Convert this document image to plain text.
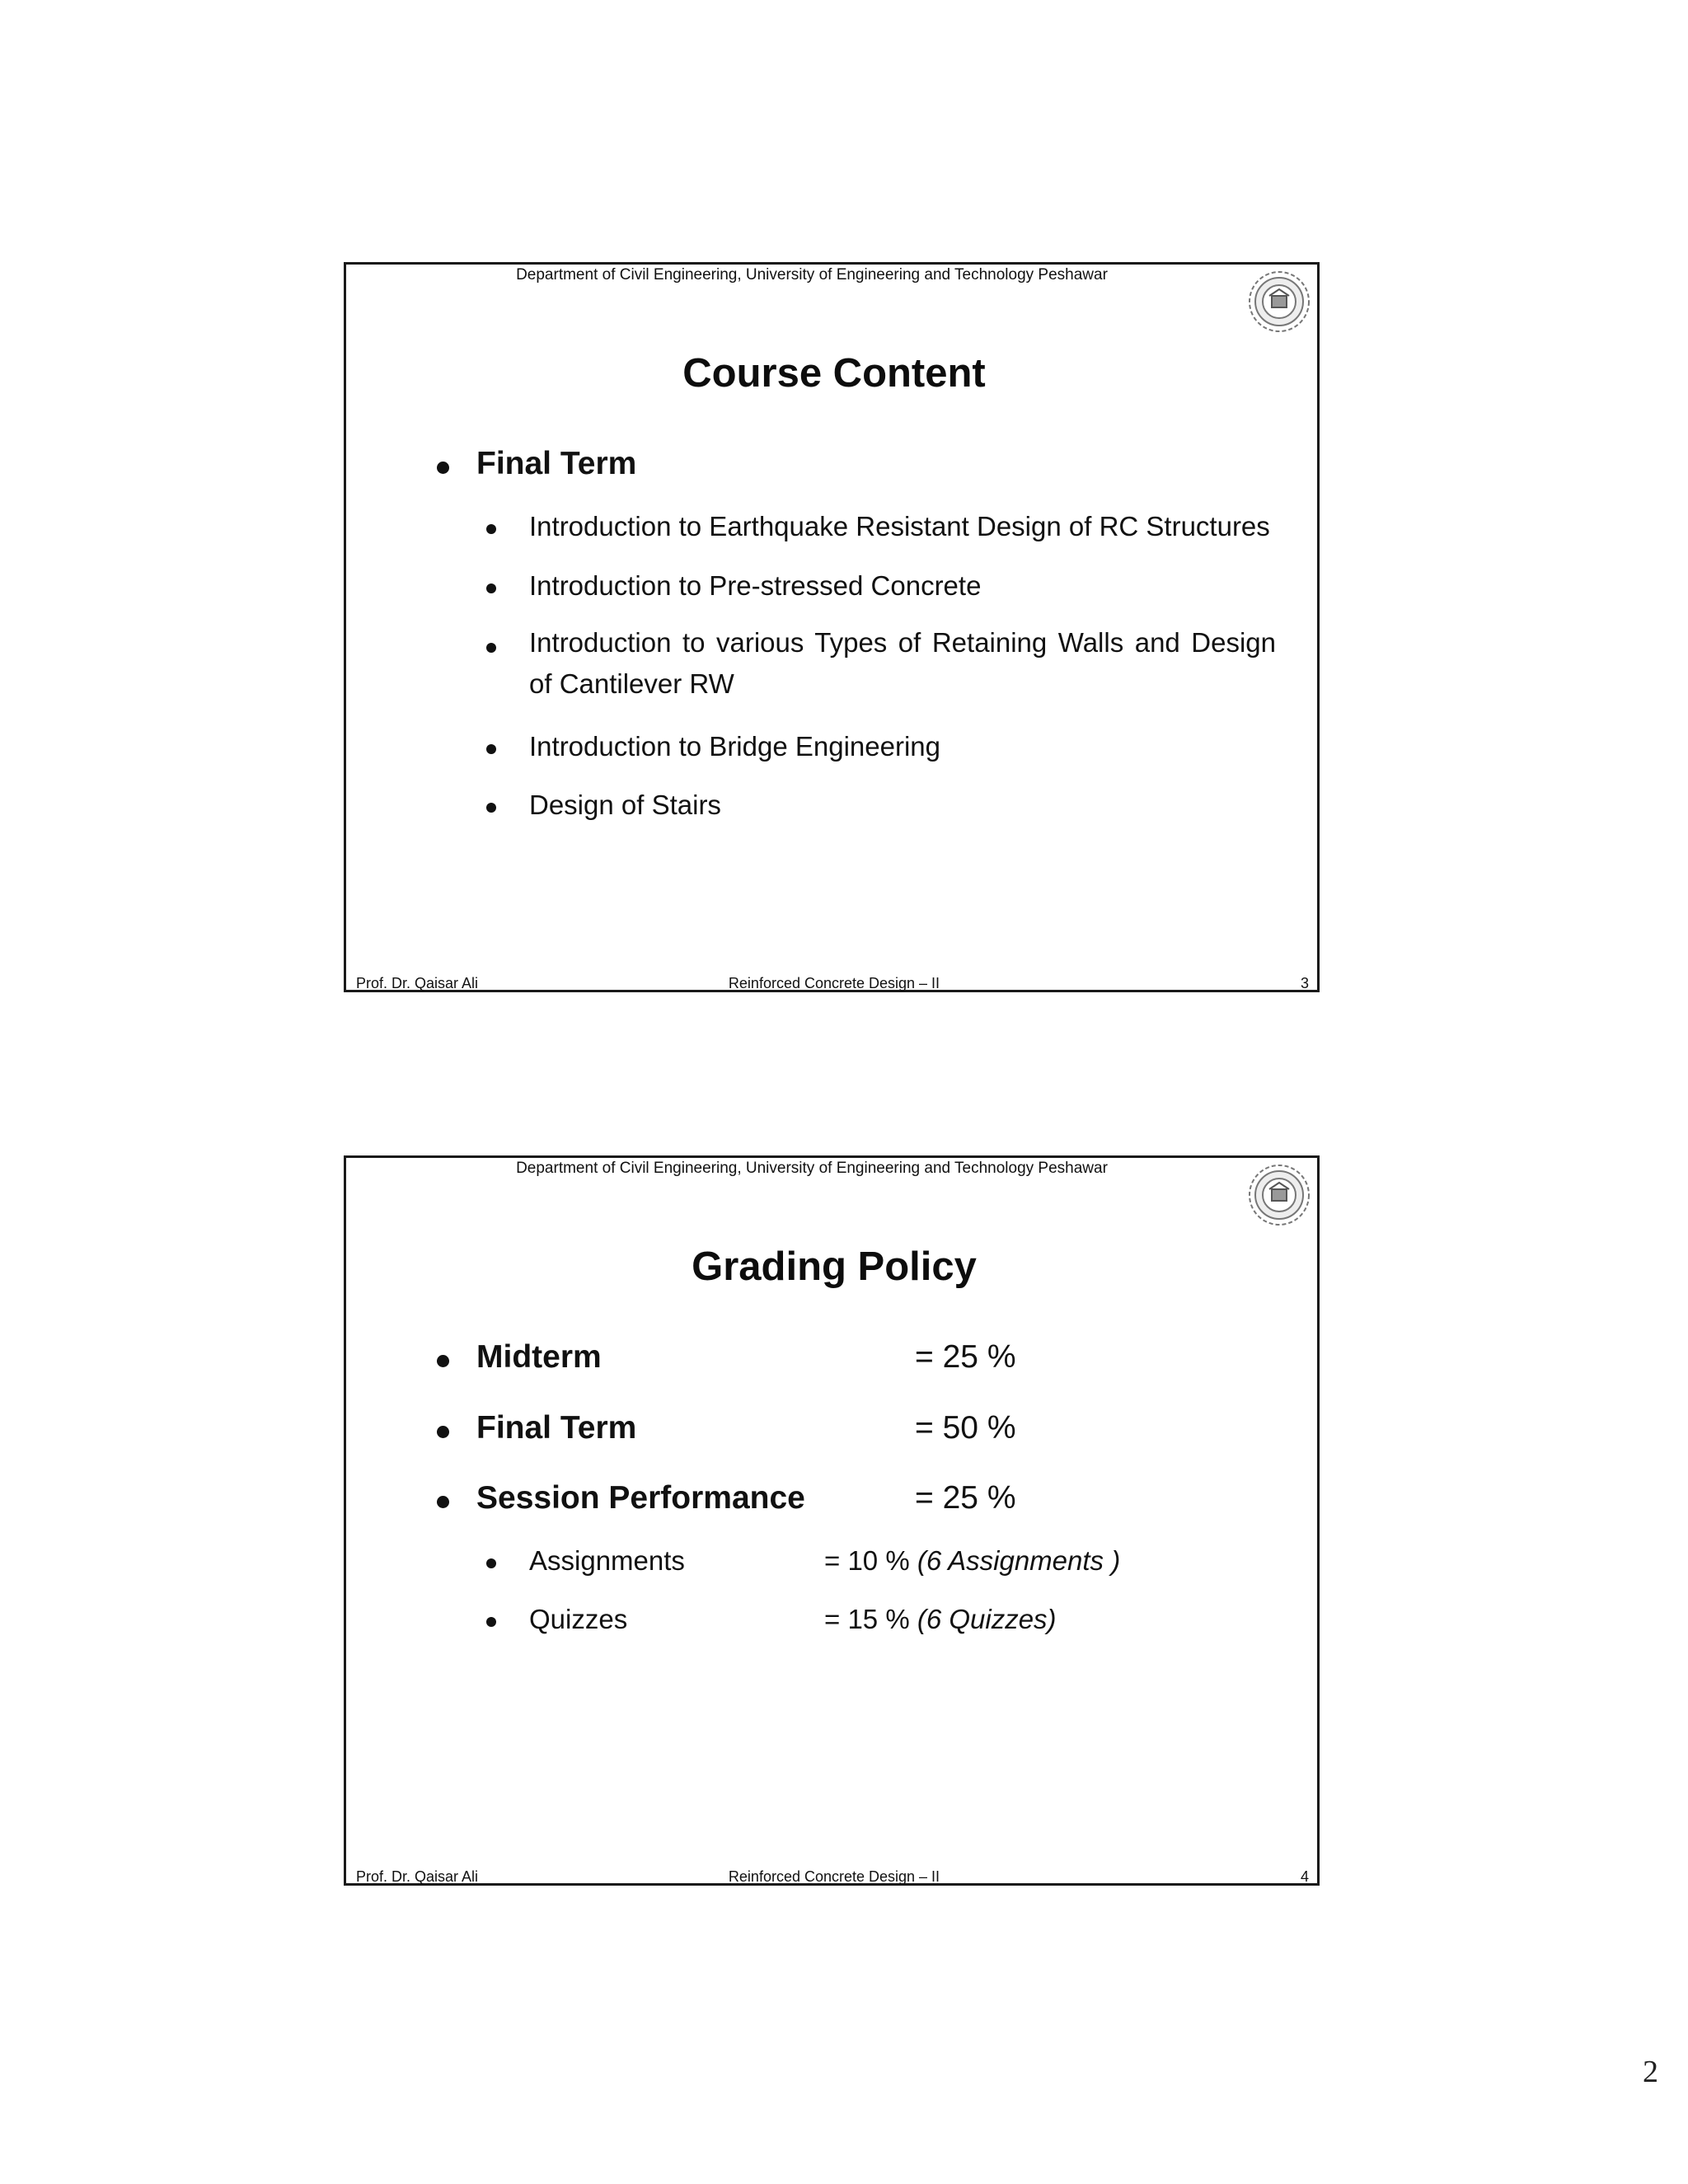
Department of Civil Engineering, University of Engineering and Technology Peshawar
Course Content
Final Term
Introduction to Earthquake Resistant Design of RC Structures
Introduction to Pre-stressed Concrete
Introduction to various Types of Retaining Walls and Design
of Cantilever RW
Introduction to Bridge Engineering
Design of Stairs
Prof. Dr. Qaisar Ali	Reinforced Concrete Design – II	3
Department of Civil Engineering, University of Engineering and Technology Peshawar
Grading Policy
Midterm	= 25 %
Final Term	= 50 %
Session Performance	= 25 %
Assignments	= 10 % (6 Assignments )
Quizzes	= 15 % (6 Quizzes)
Prof. Dr. Qaisar Ali	Reinforced Concrete Design – II	4
2
